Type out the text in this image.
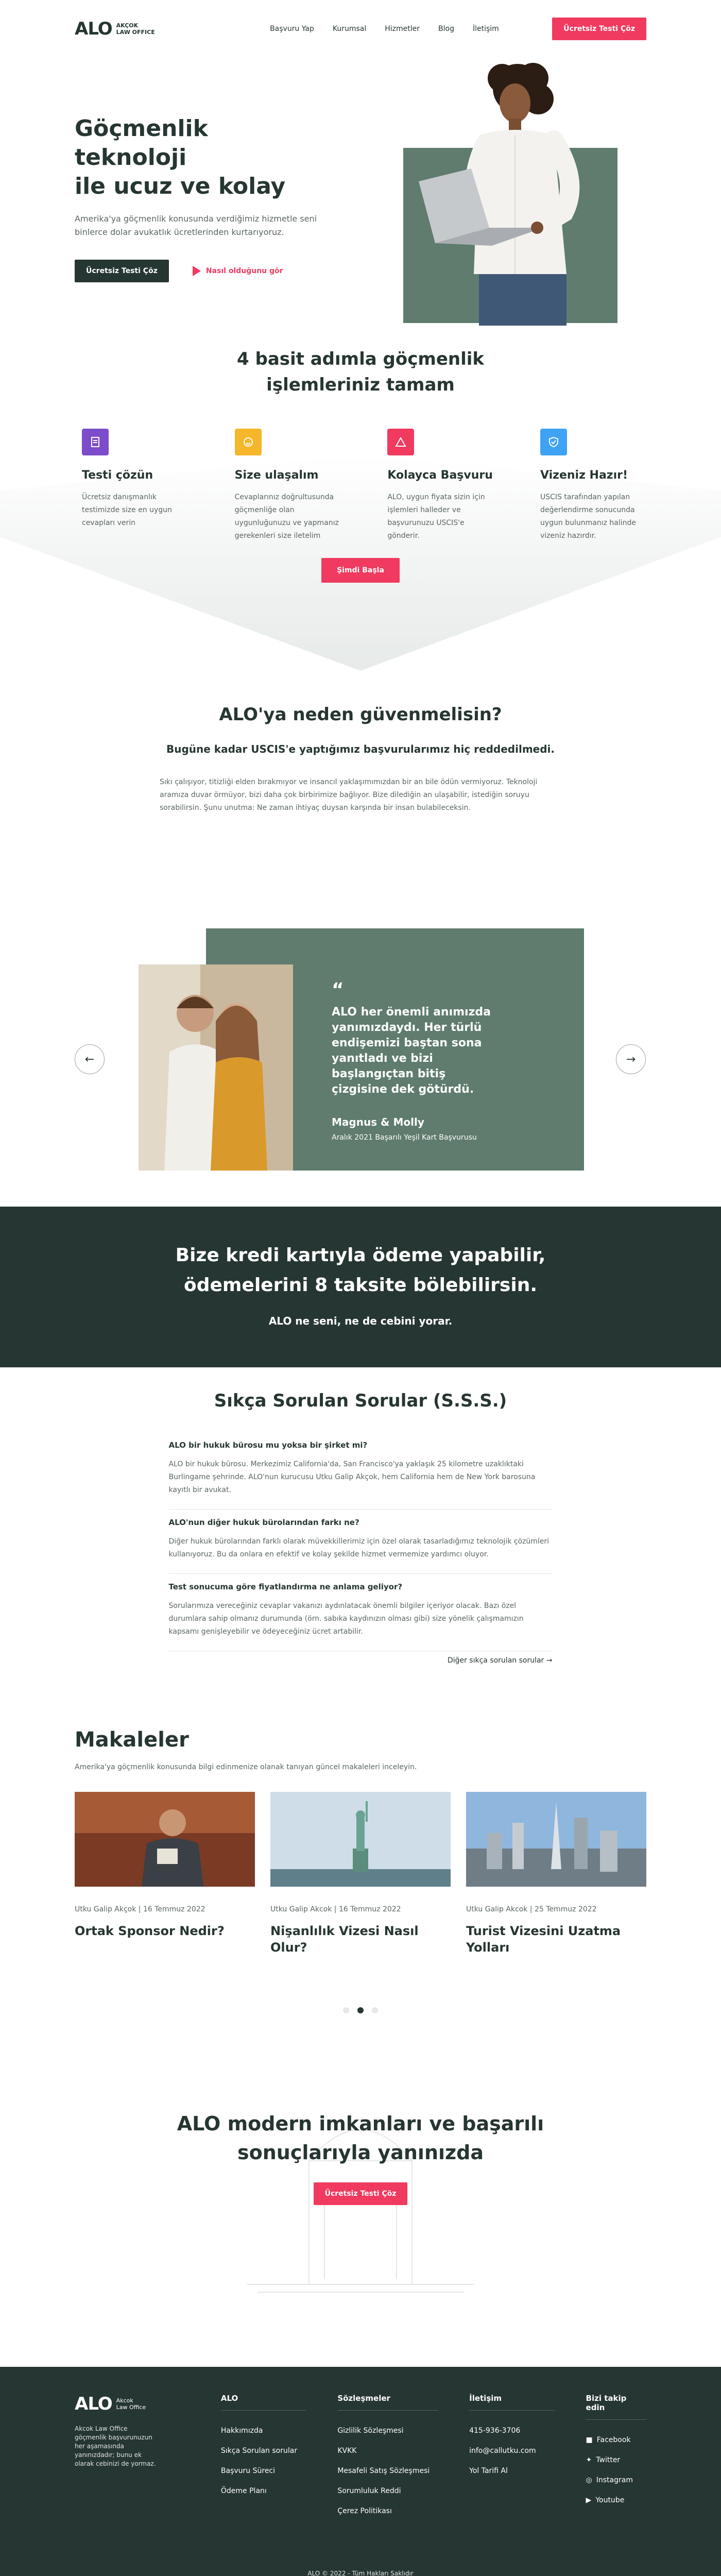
ALO AKÇOK
LAW OFFICE	Başvuru Yap	Kurumsal	Hizmetler	Blog	İletişim	Ücretsiz Testi Çöz
Göçmenlik teknoloji
ile ucuz ve kolay

Amerika'ya göçmenlik konusunda verdiğimiz hizmetle seni binlerce dolar avukatlık ücretlerinden kurtarıyoruz.

Ücretsiz Testi Çöz	Nasıl olduğunu gör
4 basit adımla göçmenlik
işlemleriniz tamam
Testi çözün
Ücretsiz danışmanlık testimizde size en uygun cevapları verin
Size ulaşalım
Cevaplarınız doğrultusunda göçmenliğe olan uygunluğunuzu ve yapmanız gerekenleri size iletelim
Kolayca Başvuru
ALO, uygun fiyata sizin için işlemleri halleder ve başvurunuzu USCIS'e gönderir.
Vizeniz Hazır!
USCIS tarafından yapılan değerlendirme sonucunda uygun bulunmanız halinde vizeniz hazırdır.
Şimdi Başla
ALO'ya neden güvenmelisin?

Bugüne kadar USCIS'e yaptığımız başvurularımız hiç reddedilmedi.

Sıkı çalışıyor, titizliği elden bırakmıyor ve insancıl yaklaşımımızdan bir an bile ödün vermiyoruz. Teknoloji aramıza duvar örmüyor, bizi daha çok birbirimize bağlıyor. Bize dilediğin an ulaşabilir, istediğin soruyu sorabilirsin. Şunu unutma: Ne zaman ihtiyaç duysan karşında bir insan bulabileceksin.

←
“

ALO her önemli anımızda yanımızdaydı. Her türlü endişemizi baştan sona yanıtladı ve bizi başlangıçtan bitiş çizgisine dek götürdü.

Magnus & Molly

Aralık 2021 Başarılı Yeşil Kart Başvurusu

→
Bize kredi kartıyla ödeme yapabilir,
ödemelerini 8 taksite bölebilirsin.

ALO ne seni, ne de cebini yorar.

Sıkça Sorulan Sorular (S.S.S.)

ALO bir hukuk bürosu mu yoksa bir şirket mi?

ALO bir hukuk bürosu. Merkezimiz California'da, San Francisco'ya yaklaşık 25 kilometre uzaklıktaki Burlingame şehrinde. ALO'nun kurucusu Utku Galip Akçok, hem California hem de New York barosuna kayıtlı bir avukat.

ALO'nun diğer hukuk bürolarından farkı ne?

Diğer hukuk bürolarından farklı olarak müvekkillerimiz için özel olarak tasarladığımız teknolojik çözümleri kullanıyoruz. Bu da onlara en efektif ve kolay şekilde hizmet vermemize yardımcı oluyor.

Test sonucuma göre fiyatlandırma ne anlama geliyor?

Sorularımıza vereceğiniz cevaplar vakanızı aydınlatacak önemli bilgiler içeriyor olacak. Bazı özel durumlara sahip olmanız durumunda (örn. sabıka kaydınızın olması gibi) size yönelik çalışmamızın kapsamı genişleyebilir ve ödeyeceğiniz ücret artabilir.

Diğer sıkça sorulan sorular →
Makaleler

Amerika'ya göçmenlik konusunda bilgi edinmenize olanak tanıyan güncel makaleleri inceleyin.

Utku Galip Akçok | 16 Temmuz 2022

Ortak Sponsor Nedir?

Utku Galip Akcok | 16 Temmuz 2022

Nişanlılık Vizesi Nasıl Olur?

Utku Galip Akcok | 25 Temmuz 2022

Turist Vizesini Uzatma Yolları

ALO modern imkanları ve başarılı
sonuçlarıyla yanınızda
Ücretsiz Testi Çöz
ALO Akcok
Law Office

Akcok Law Office göçmenlik başvurunuzun her aşamasında yanınızdadır; bunu ek olarak cebinizi de yormaz.

ALO
Hakkımızda
Sıkça Sorulan sorular
Başvuru Süreci
Ödeme Planı
Sözleşmeler
Gizlilik Sözleşmesi
KVKK
Mesafeli Satış Sözleşmesi
Sorumluluk Reddi
Çerez Politikası
İletişim
415-936-3706
info@callutku.com
Yol Tarifi Al
Bizi takip edin
■ Facebook
✦ Twitter
◎ Instagram
▶ Youtube
ALO © 2022 - Tüm Hakları Saklıdır
